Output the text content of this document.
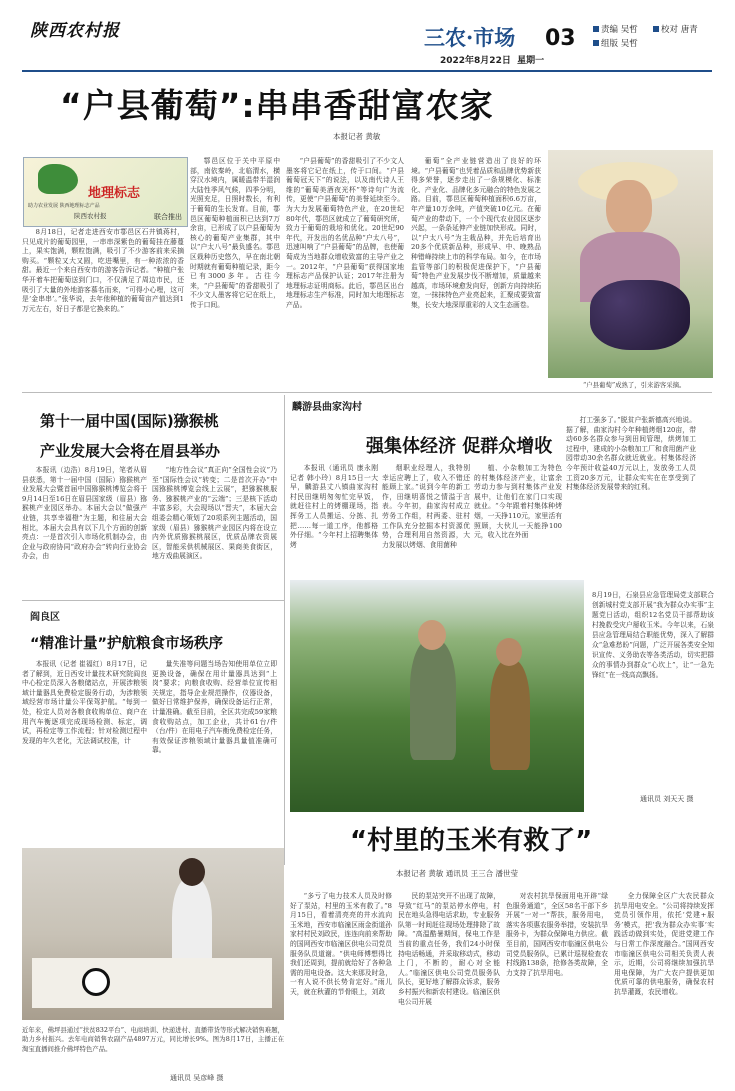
陕西农村报	三农·市场 03	责编 吴哲	校对 唐青
组版 吴哲
2022年8月22日 星期一
“户县葡萄”:串串香甜富农家
本报记者 黄敏
地理标志
助力农业发展 陕西地理标志产品
陕西农村报	联合推出

8月18日，记者走进西安市鄠邑区石井镇蒋村，只见成片的葡萄园里，一串串深紫色的葡萄挂在藤蔓上，果实饱满，颗粒饱满，吸引了不少游客前来采摘购买。“颗粒又大又圆，吃进嘴里，有一种浓浓的香甜。最近一个来自西安市的游客告诉记者。“种植户张华开着车把葡萄送到门口，不仅满足了周边市民，还吸引了大量的外地游客慕名而来，“可得小心哩，这可是‘金串串’。”张华说，去年他种植的葡萄亩产值达到1万元左右，好日子都是它换来的。”

鄠邑区位于关中平原中部，南依秦岭，北临渭水，横穿汉水境内，属暖温带半湿润大陆性季风气候，四季分明，光照充足，日照时数长，有利于葡萄的生长发育。目前，鄠邑区葡萄种植面积已达到7万余亩，已形成了以户县葡萄为核心的葡萄产业集群，其中以“户太八号”最负盛名。鄠邑区栽种历史悠久，早在南北朝时期就有葡萄种植记录，距今已有3000多年。古往今来，“户县葡萄”的香甜吸引了不少文人墨客将它记在纸上，传于口间。

“户县葡萄”的香甜吸引了不少文人墨客将它记在纸上，传于口间。“户县葡萄冠天下”的说法，以及南代诗人王维的“葡萄美酒夜光杯”等诗句广为流传，更使“户县葡萄”的美誉延续至今。为大力发展葡萄特色产业，在20世纪80年代，鄠邑区就成立了葡萄研究所，致力于葡萄的栽培和优化。20世纪90年代，开发出的名优品种“户太八号”，迅速叫响了“户县葡萄”的品牌，也使葡萄成为当地群众增收致富的主导产业之一。2012年，“户县葡萄”获得国家地理标志产品保护认证；2017年注册为地理标志证明商标。此后，鄠邑区出台地理标志生产标准，同时加大地理标志产品。

葡萄”全产业链营造出了良好的环境。“户县葡萄”也凭着品质和品牌优势新获得多荣誉，逐步走出了一条规模化、标准化、产业化、品牌化多元融合的特色发展之路。目前，鄠邑区葡萄种植面积6.6万亩，年产量10万余吨，产值突破10亿元。在葡萄产业的带动下，一个个现代农业园区逐步兴起，一条条延伸产业链加快形成。同时，以“户太八号”为主栽品种，并先后培育出20多个优质新品种，形成早、中、晚熟品种错峰持续上市的科学布局。如今，在市场监管等部门的积极促进保护下，“户县葡萄”特色产业发展步伐不断增加，质量越来越高，市场环境愈发向好，创新方向持续拓宽，一抹抹特色产业亮起来，汇聚成要致富集，长安大地深厚重彩的人文生态画卷。

“户县葡萄”成熟了，引来游客采摘。
第十一届中国(国际)猕猴桃
产业发展大会将在眉县举办

本报讯（边浩）8月19日，笔者从眉县获悉，第十一届中国（国际）猕猴桃产业发展大会暨首届中国猕猴桃博览会将于9月14日至16日在眉县国家级（眉县）猕猴桃产业园区举办。本届大会以“做强产业链，共享幸福橙”为主题，和往届大会相比，本届大会具有以下几个方面的创新亮点：一是首次引入市场化机制办会，由企业与政府协同“政府办会”转向行业协会办会，由

“地方性会议”真正向“全国性会议”乃至“国际性会议”转变；二是首次开办“中国猕猴桃博览会线上云展”，把猕猴桃服务、猕猴桃产业的“云端”；三是核下活动丰富多彩，大会现场以“晋夫”，本届大会组委会精心策划了20项系列主题活动，国家级（眉县）猕猴桃产业园区内将在设立内外优质猕猴桃展区，优质品牌农资展区，智能采供机械展区、果商美食街区，地方戏曲展演区。

麟游县曲家沟村
强集体经济 促群众增收

本报讯（通讯员 康永刚 记者 韩小玲）8月15日一大早，麟游县丈八镇曲家沟村村民田继明匆匆忙完早饭，就赶往村上的烤棚现场，指挥务工人员搬运、分拣、扎把……每一道工序，他都格外仔细。“今年村上招聘集体烤

烟职业经理人，我特别幸运应聘上了，收入不错还能顾上家。”说到今年的新工作，田继明喜悦之情溢于言表。今年初，曲家沟村成立劳务工作组，村两委、驻村工作队充分挖掘本村资源优势，合理利用自然资源，大力发展以烤烟、食用菌种

植、小杂粮加工为特色的村集体经济产业，让富余劳动力参与到村集体产业发展中，让他们在家门口实现就业。“今年跟着村集体种烤烟，一天挣110元，家里活有照顾，大伙儿一天能挣100元，收入比在外面

打工强多了。”脱贫户张新德高兴地说。据了解，曲家沟村今年种植烤烟120亩，带动60多名群众参与到田间管理，烘烤加工过程中，建成的小杂粮加工厂和食用菌产业园带动30余名群众就近就业。村集体经济今年预计收益40万元以上，发放务工人员工资20多万元，让群众实实在在享受到了村集体经济发展带来的红利。

阎良区
“精准计量”护航粮食市场秩序

本报讯（记者 崔福红）8月17日，记者了解到，近日西安计量技术研究院阎良中心检定员深入各粮储站点，开展涉粮领域计量器具免费检定服务行动，为涉粮领域经营市场计量公平保驾护航。“每到一处，检定人员对各粮食收购单位、商户在用汽车衡逐项完成现场检测、标定，调试，再检定等工作流程；针对检测过程中发现的年久老化，无法调试校准，计

量失准等问题当场告知使用单位立即更换设备，确保在用计量器具达到“上岗”要求；向粮食收购、经营单位宣传相关规定，指导企业规范操作，仪器设备，做好日常维护保养，确保设备运行正常，计量准确。截至目前，全区共完成59家粮食收购站点，加工企业，共计61台/件（台/件）在用电子汽车衡免费检定任务，有效保证涉粮领域计量器具量值准确可靠。

8月19日，石泉县应急管理局党支部联合创新城村党支部开展“我为群众办实事”主题党日活动，组织12名党员干部帮助该村挽救受灾户掰收玉米。今年以来，石泉县应急管理局结合职能优势，深入了解群众“急难愁盼”问题，广泛开展各类安全知识宣传、义务助农等各类活动，切实把群众的事情办到群众“心坎上”，让“一急先锋红”在一线高高飘扬。
通讯员 刘天天 摄
“村里的玉米有救了”
本报记者 黄敏 通讯员 王三合 潘世莹

“多亏了电力技术人员及时修好了泵站，村里的玉米有救了。”8月15日，看着清亮亮的井水流向玉米地，西安市临潼区雨金街道孙家村村民刘政民，连连向前来帮助的国网西安市临潼区供电公司党员服务队员道谢。“供电师傅想得比我们还周到，提前就给好了各种急需的用电设备。这大来那及时急，一有人说不供长势肯定好。”雨儿天，就在秋灌的节骨眼上，刘政

民的泵站突开不出现了故障，导致“红马”的泵站停水停电，村民在地头急得电话求助，专业服务队第一时间赶往现场处理排除了故障。“高温酷暑期间，保电工作是当前的重点任务，我们24小时保持电话畅通，并采取移动式，移动上门，不断的，耐心对全能人。”临潼区供电公司党员服务队队长，更好地了解群众诉求，服务乡村振兴和新农村建设。临潼区供电公司开展

对农村抗旱保面用电开辟“绿色服务通道”，全区58名干部下乡开展“一对一”帮扶，服务用电，落实各项惠农服务举措，安装抗旱服务卡，为群众保障电力供应。截至目前，国网西安市临潼区供电公司党员服务队，已累计巡视检查农村线路138条，抢修各类故障，全力支持了抗旱用电。

全力保障全区广大农民群众抗旱用电安全。“公司将持续发挥党员引领作用，依托‘党建+服务’模式，把‘我为群众办实事’实践活动做到实处，促进党建工作与日常工作深度融合。”国网西安市临潼区供电公司相关负责人表示，近期，公司将继续加强抗旱用电保障，为广大农户提供更加优质可靠的供电服务，确保农村抗旱灌溉，农民增收。

近年来，佛坪县通过“扶贫832平台”、电商培训、快递进村、直播带货等形式解决销售难题，助力乡村振兴。去年电商销售农副产品4897万元，同比增长9%。图为8月17日，主播正在淘宝直播间推介佛坪特色产品。
通讯员 吴彦峰 摄
